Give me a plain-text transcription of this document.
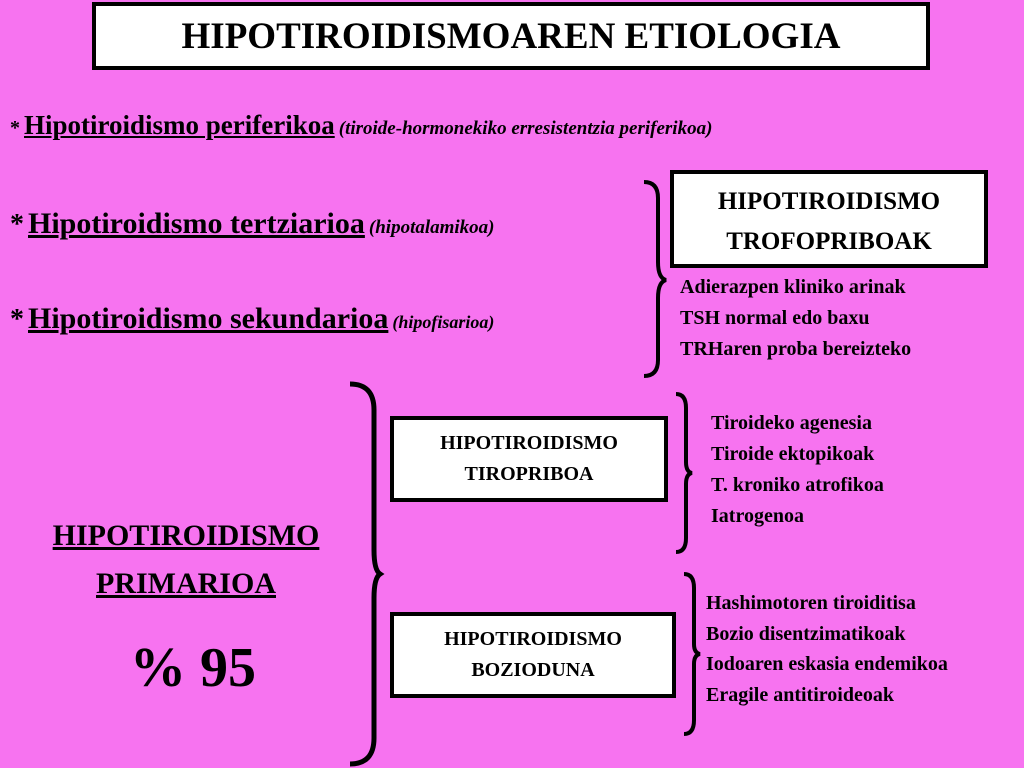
HIPOTIROIDISMOAREN ETIOLOGIA
* Hipotiroidismo periferikoa (tiroide-hormonekiko erresistentzia periferikoa)
* Hipotiroidismo tertziarioa (hipotalamikoa)
* Hipotiroidismo sekundarioa (hipofisarioa)
HIPOTIROIDISMO
TROFOPRIBOAK
Adierazpen kliniko arinak
TSH normal edo baxu
TRHaren proba bereizteko
HIPOTIROIDISMO
PRIMARIOA
% 95
HIPOTIROIDISMO
TIROPRIBOA
Tiroideko agenesia
Tiroide ektopikoak
T. kroniko atrofikoa
Iatrogenoa
HIPOTIROIDISMO
BOZIODUNA
Hashimotoren tiroiditisa
Bozio disentzimatikoak
Iodoaren eskasia endemikoa
Eragile antitiroideoak
